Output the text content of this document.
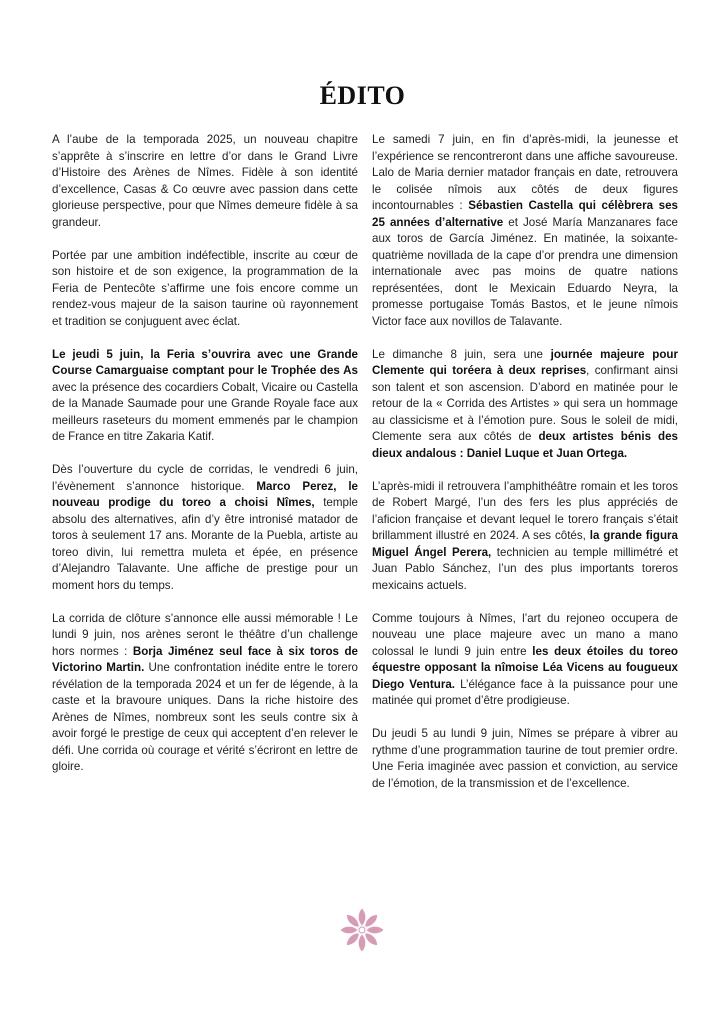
ÉDITO

A l’aube de la temporada 2025, un nouveau chapitre s’apprête à s’inscrire en lettre d’or dans le Grand Livre d’Histoire des Arènes de Nîmes. Fidèle à son identité d’excellence, Casas & Co œuvre avec passion dans cette glorieuse perspective, pour que Nîmes demeure fidèle à sa grandeur.

Portée par une ambition indéfectible, inscrite au cœur de son histoire et de son exigence, la programmation de la Feria de Pentecôte s’affirme une fois encore comme un rendez-vous majeur de la saison taurine où rayonnement et tradition se conjuguent avec éclat.

Le jeudi 5 juin, la Feria s’ouvrira avec une Grande Course Camarguaise comptant pour le Trophée des As avec la présence des cocardiers Cobalt, Vicaire ou Castella de la Manade Saumade pour une Grande Royale face aux meilleurs raseteurs du moment emmenés par le champion de France en titre Zakaria Katif.

Dès l’ouverture du cycle de corridas, le vendredi 6 juin, l’évènement s’annonce historique. Marco Perez, le nouveau prodige du toreo a choisi Nîmes, temple absolu des alternatives, afin d’y être intronisé matador de toros à seulement 17 ans. Morante de la Puebla, artiste au toreo divin, lui remettra muleta et épée, en présence d’Alejandro Talavante. Une affiche de prestige pour un moment hors du temps.

La corrida de clôture s’annonce elle aussi mémorable ! Le lundi 9 juin, nos arènes seront le théâtre d’un challenge hors normes : Borja Jiménez seul face à six toros de Victorino Martin. Une confrontation inédite entre le torero révélation de la temporada 2024 et un fer de légende, à la caste et la bravoure uniques. Dans la riche histoire des Arènes de Nîmes, nombreux sont les seuls contre six à avoir forgé le prestige de ceux qui acceptent d’en relever le défi. Une corrida où courage et vérité s’écriront en lettre de gloire.

Le samedi 7 juin, en fin d’après-midi, la jeunesse et l’expérience se rencontreront dans une affiche savoureuse. Lalo de Maria dernier matador français en date, retrouvera le colisée nîmois aux côtés de deux figures incontournables : Sébastien Castella qui célèbrera ses 25 années d’alternative et José María Manzanares face aux toros de García Jiménez. En matinée, la soixante-quatrième novillada de la cape d’or prendra une dimension internationale avec pas moins de quatre nations représentées, dont le Mexicain Eduardo Neyra, la promesse portugaise Tomás Bastos, et le jeune nîmois Victor face aux novillos de Talavante.

Le dimanche 8 juin, sera une journée majeure pour Clemente qui toréera à deux reprises, confirmant ainsi son talent et son ascension. D’abord en matinée pour le retour de la « Corrida des Artistes » qui sera un hommage au classicisme et à l’émotion pure. Sous le soleil de midi, Clemente sera aux côtés de deux artistes bénis des dieux andalous : Daniel Luque et Juan Ortega.

L’après-midi il retrouvera l’amphithéâtre romain et les toros de Robert Margé, l’un des fers les plus appréciés de l’aficion française et devant lequel le torero français s’était brillamment illustré en 2024. A ses côtés, la grande figura Miguel Ángel Perera, technicien au temple millimétré et Juan Pablo Sánchez, l’un des plus importants toreros mexicains actuels.

Comme toujours à Nîmes, l’art du rejoneo occupera de nouveau une place majeure avec un mano a mano colossal le lundi 9 juin entre les deux étoiles du toreo équestre opposant la nîmoise Léa Vicens au fougueux Diego Ventura. L’élégance face à la puissance pour une matinée qui promet d’être prodigieuse.

Du jeudi 5 au lundi 9 juin, Nîmes se prépare à vibrer au rythme d’une programmation taurine de tout premier ordre. Une Feria imaginée avec passion et conviction, au service de l’émotion, de la transmission et de l’excellence.
